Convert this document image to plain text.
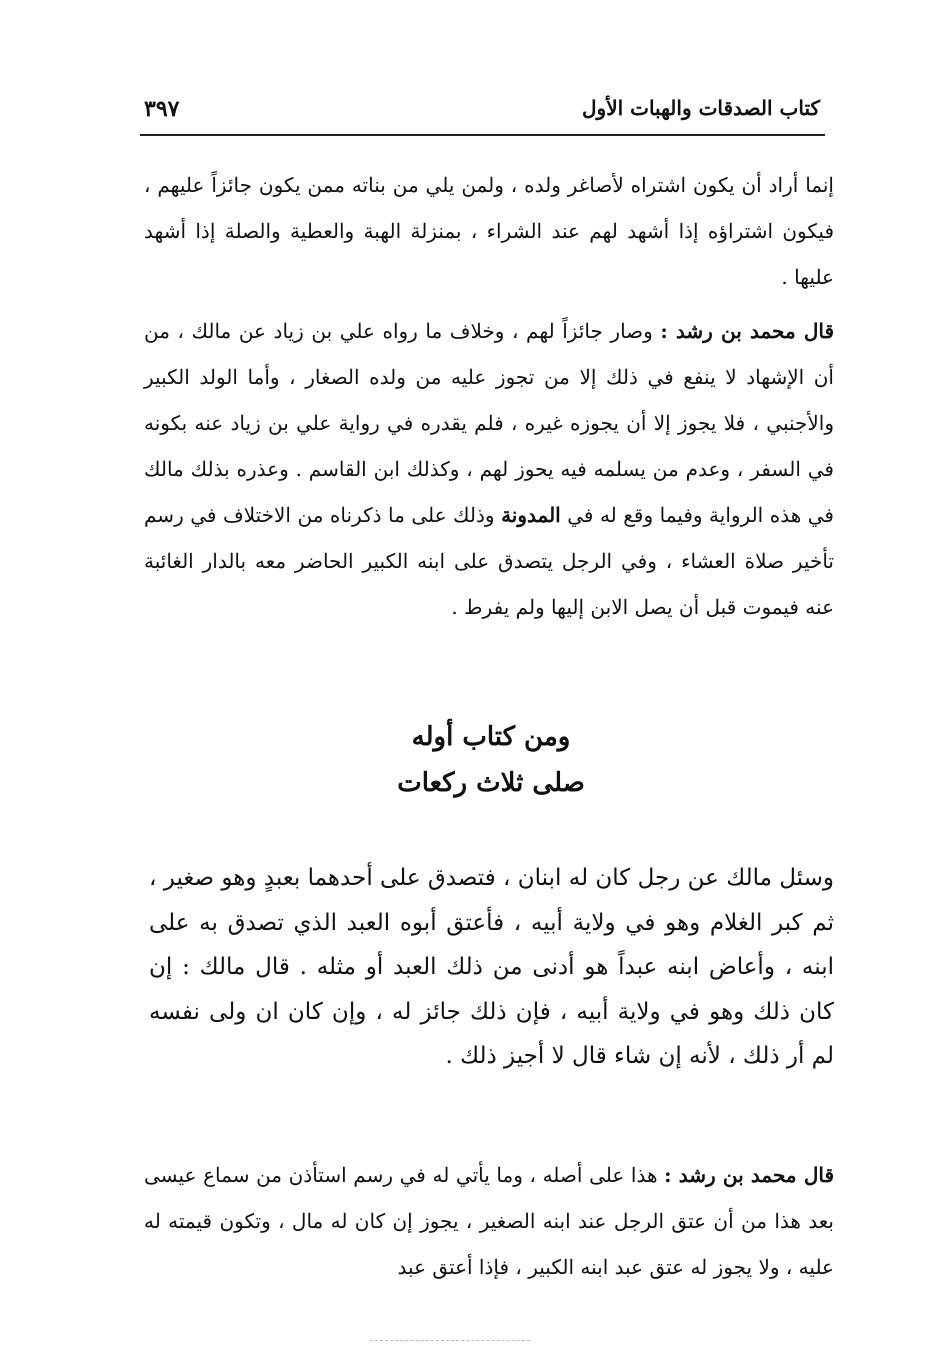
كتاب الصدقات والهبات الأول
٣٩٧

إنما أراد أن يكون اشتراه لأصاغر ولده ، ولمن يلي من بناته ممن يكون جائزاً عليهم ، فيكون اشتراؤه إذا أشهد لهم عند الشراء ، بمنزلة الهبة والعطية والصلة إذا أشهد عليها .

قال محمد بن رشد : وصار جائزاً لهم ، وخلاف ما رواه علي بن زياد عن مالك ، من أن الإشهاد لا ينفع في ذلك إلا من تجوز عليه من ولده الصغار ، وأما الولد الكبير والأجنبي ، فلا يجوز إلا أن يجوزه غيره ، فلم يقدره في رواية علي بن زياد عنه بكونه في السفر ، وعدم من يسلمه فيه يحوز لهم ، وكذلك ابن القاسم . وعذره بذلك مالك في هذه الرواية وفيما وقع له في المدونة وذلك على ما ذكرناه من الاختلاف في رسم تأخير صلاة العشاء ، وفي الرجل يتصدق على ابنه الكبير الحاضر معه بالدار الغائبة عنه فيموت قبل أن يصل الابن إليها ولم يفرط .

ومن كتاب أوله
صلى ثلاث ركعات

وسئل مالك عن رجل كان له ابنان ، فتصدق على أحدهما بعبدٍ وهو صغير ، ثم كبر الغلام وهو في ولاية أبيه ، فأعتق أبوه العبد الذي تصدق به على ابنه ، وأعاض ابنه عبداً هو أدنى من ذلك العبد أو مثله . قال مالك : إن كان ذلك وهو في ولاية أبيه ، فإن ذلك جائز له ، وإن كان ان ولى نفسه لم أر ذلك ، لأنه إن شاء قال لا أجيز ذلك .

قال محمد بن رشد : هذا على أصله ، وما يأتي له في رسم استأذن من سماع عيسى بعد هذا من أن عتق الرجل عند ابنه الصغير ، يجوز إن كان له مال ، وتكون قيمته له عليه ، ولا يجوز له عتق عبد ابنه الكبير ، فإذا أعتق عبد
